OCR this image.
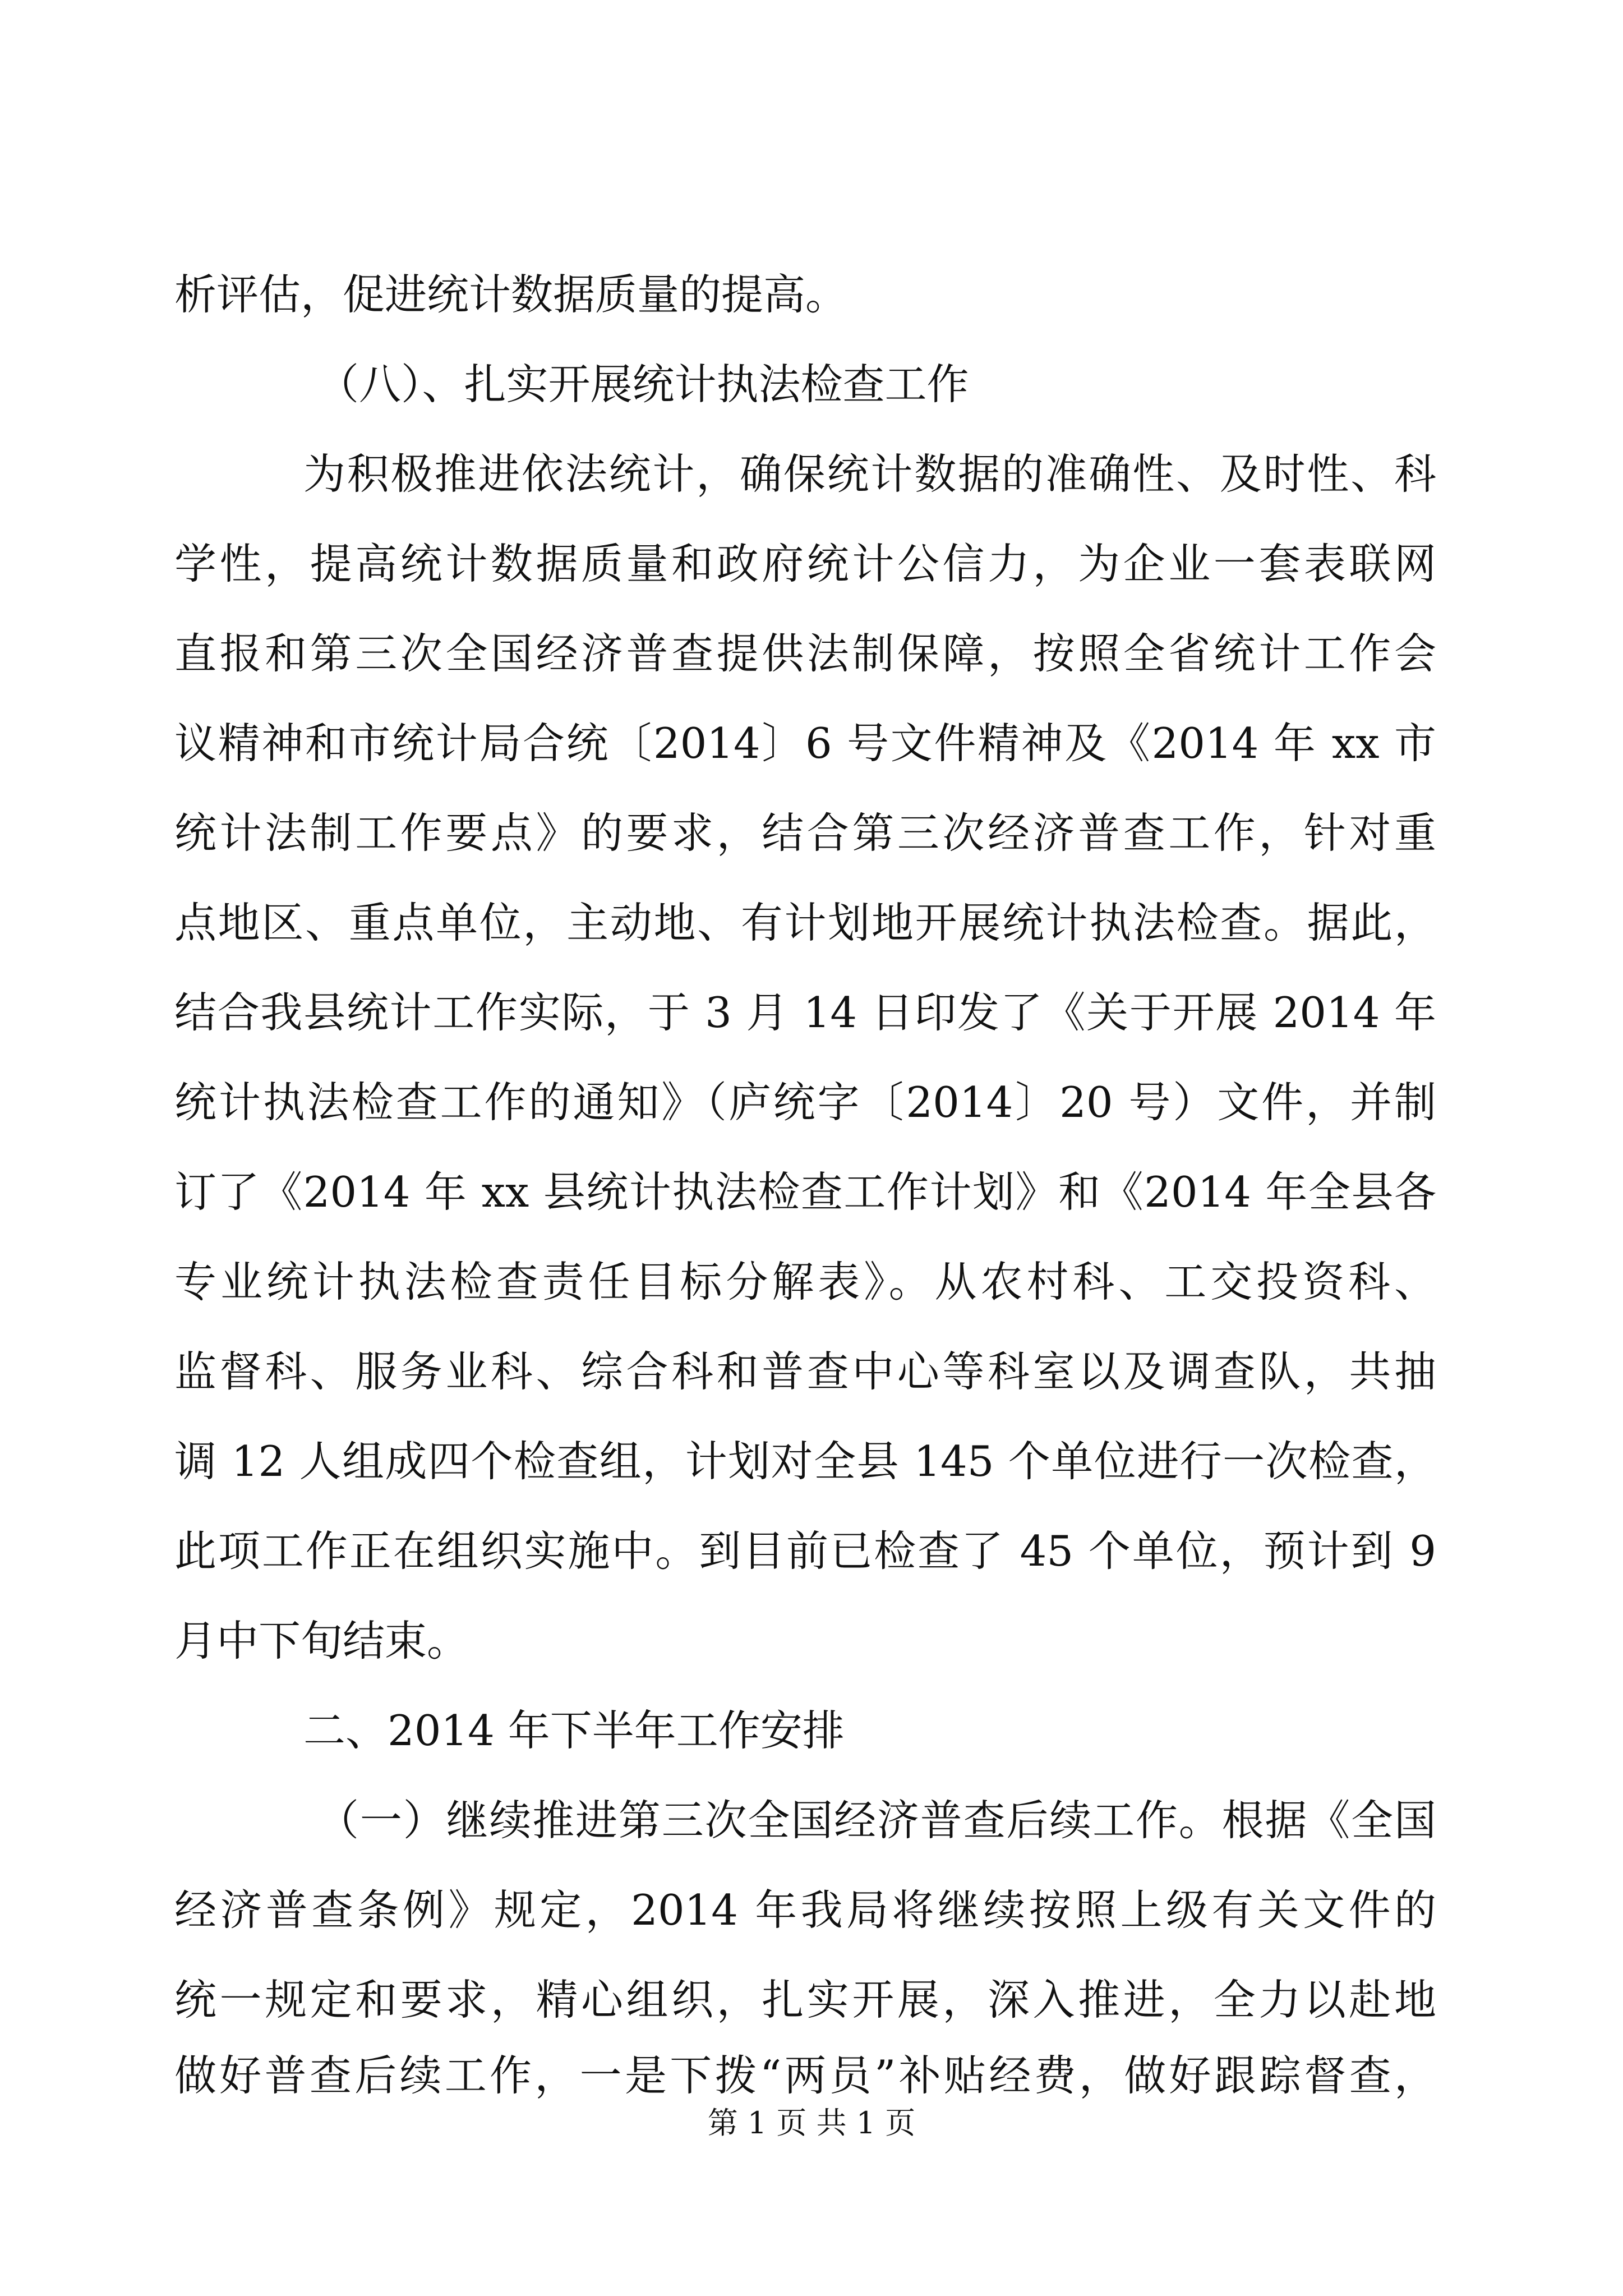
析评估，促进统计数据质量的提高。
（八）、扎实开展统计执法检查工作
为积极推进依法统计，确保统计数据的准确性、及时性、科
学性，提高统计数据质量和政府统计公信力，为企业一套表联网
直报和第三次全国经济普查提供法制保障，按照全省统计工作会
议精神和市统计局合统〔2014〕6 号文件精神及《2014 年 xx 市
统计法制工作要点》的要求，结合第三次经济普查工作，针对重
点地区、重点单位，主动地、有计划地开展统计执法检查。据此，
结合我县统计工作实际，于 3 月 14 日印发了《关于开展 2014 年
统计执法检查工作的通知》（庐统字〔2014〕20 号）文件，并制
订了《2014 年 xx 县统计执法检查工作计划》和《2014 年全县各
专业统计执法检查责任目标分解表》。从农村科、工交投资科、
监督科、服务业科、综合科和普查中心等科室以及调查队，共抽
调 12 人组成四个检查组，计划对全县 145 个单位进行一次检查，
此项工作正在组织实施中。到目前已检查了 45 个单位，预计到 9
月中下旬结束。
二、2014 年下半年工作安排
（一）继续推进第三次全国经济普查后续工作。根据《全国
经济普查条例》规定，2014 年我局将继续按照上级有关文件的
统一规定和要求，精心组织，扎实开展，深入推进，全力以赴地
做好普查后续工作，一是下拨“两员”补贴经费，做好跟踪督查，
第 1 页 共 1 页
